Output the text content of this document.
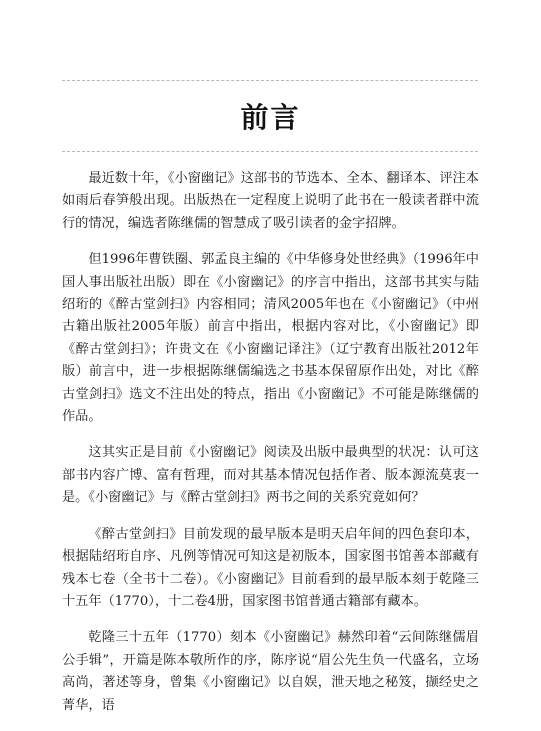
前言

最近数十年，《小窗幽记》这部书的节选本、全本、翻译本、评注本如雨后春笋般出现。出版热在一定程度上说明了此书在一般读者群中流行的情况，编选者陈继儒的智慧成了吸引读者的金字招牌。

但1996年曹铁圈、郭孟良主编的《中华修身处世经典》（1996年中国人事出版社出版）即在《小窗幽记》的序言中指出，这部书其实与陆绍珩的《醉古堂剑扫》内容相同；清风2005年也在《小窗幽记》（中州古籍出版社2005年版）前言中指出，根据内容对比，《小窗幽记》即《醉古堂剑扫》；许贵文在《小窗幽记译注》（辽宁教育出版社2012年版）前言中，进一步根据陈继儒编选之书基本保留原作出处，对比《醉古堂剑扫》选文不注出处的特点，指出《小窗幽记》不可能是陈继儒的作品。

这其实正是目前《小窗幽记》阅读及出版中最典型的状况：认可这部书内容广博、富有哲理，而对其基本情况包括作者、版本源流莫衷一是。《小窗幽记》与《醉古堂剑扫》两书之间的关系究竟如何？

《醉古堂剑扫》目前发现的最早版本是明天启年间的四色套印本，根据陆绍珩自序、凡例等情况可知这是初版本，国家图书馆善本部藏有残本七卷（全书十二卷）。《小窗幽记》目前看到的最早版本刻于乾隆三十五年（1770），十二卷4册，国家图书馆普通古籍部有藏本。

乾隆三十五年（1770）刻本《小窗幽记》赫然印着“云间陈继儒眉公手辑”，开篇是陈本敬所作的序，陈序说“眉公先生负一代盛名，立场高尚，著述等身，曾集《小窗幽记》以自娱，泄天地之秘笈，撷经史之菁华，语
